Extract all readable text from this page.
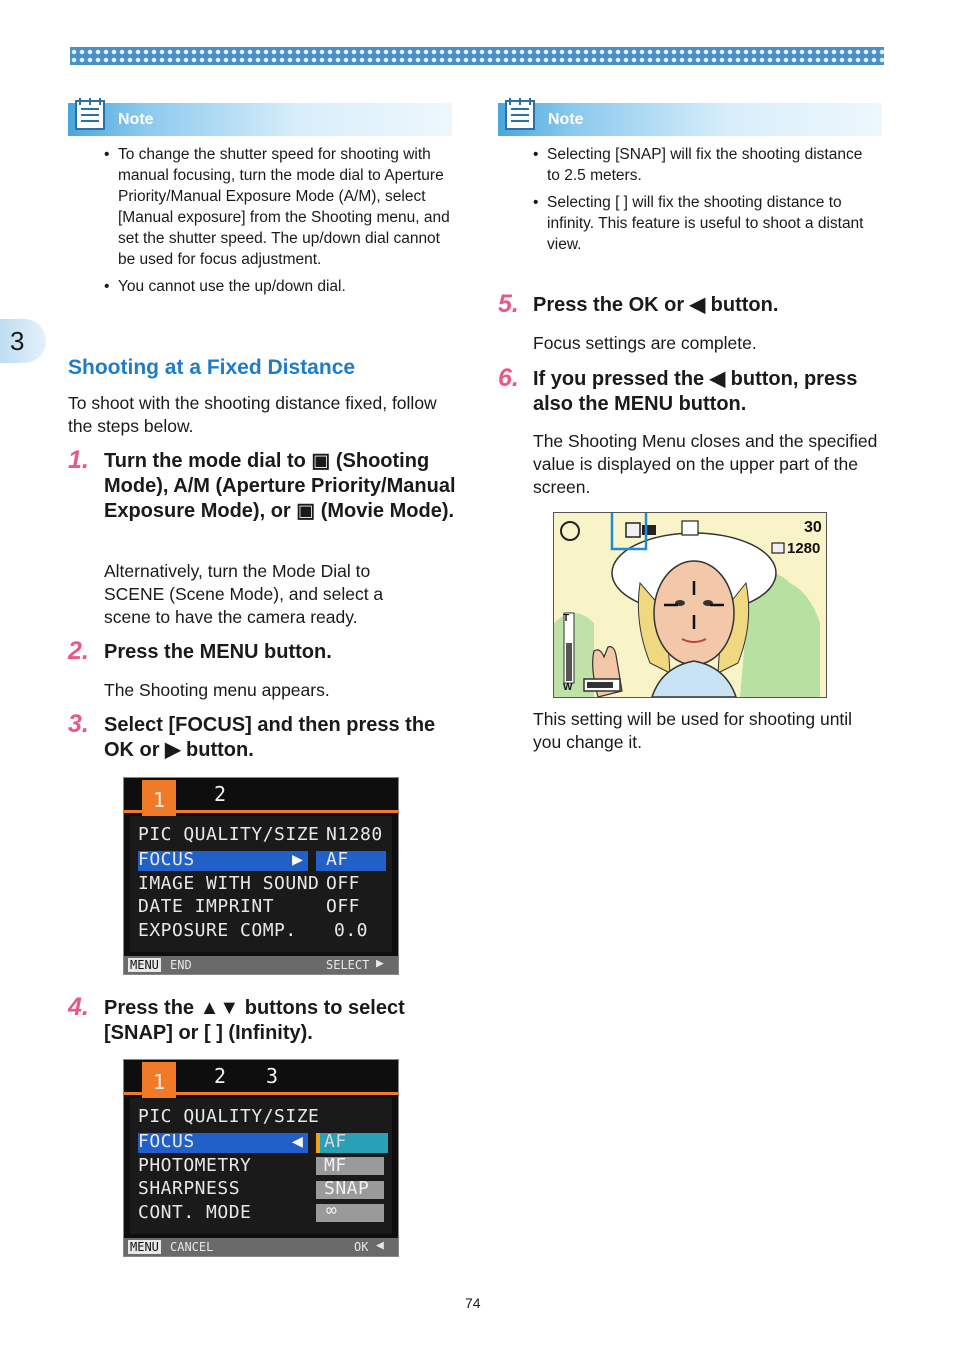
3
Note
• To change the shutter speed for shooting with manual focusing, turn the mode dial to Aperture Priority/Manual Exposure Mode (A/M), select [Manual exposure] from the Shooting menu, and set the shutter speed. The up/down dial cannot be used for focus adjustment.
• You cannot use the up/down dial.
Shooting at a Fixed Distance
To shoot with the shooting distance fixed, follow the steps below.
1. Turn the mode dial to ▣ (Shooting Mode), A/M (Aperture Priority/Manual Exposure Mode), or ▣ (Movie Mode).
Alternatively, turn the Mode Dial to SCENE (Scene Mode), and select a scene to have the camera ready.
2. Press the MENU button.
The Shooting menu appears.
3. Select [FOCUS] and then press the OK or ▶ button.
1 2
PIC QUALITY/SIZE N1280
FOCUS	▶ AF
IMAGE WITH SOUND OFF
DATE IMPRINT	OFF
EXPOSURE COMP. 0.0
MENU END	SELECT ▶
4. Press the ▲▼ buttons to select [SNAP] or [ ] (Infinity).
1 2 3
PIC QUALITY/SIZE
FOCUS	◀ AF
PHOTOMETRY	MF
SHARPNESS	SNAP
CONT. MODE	∞
MENU CANCEL	OK ◀
Note
• Selecting [SNAP] will fix the shooting distance to 2.5 meters.
• Selecting [ ] will fix the shooting distance to infinity. This feature is useful to shoot a distant view.
5. Press the OK or ◀ button.
Focus settings are complete.
6. If you pressed the ◀ button, press also the MENU button.
The Shooting Menu closes and the specified value is displayed on the upper part of the screen.
30
1280
T
W
This setting will be used for shooting until you change it.
74
